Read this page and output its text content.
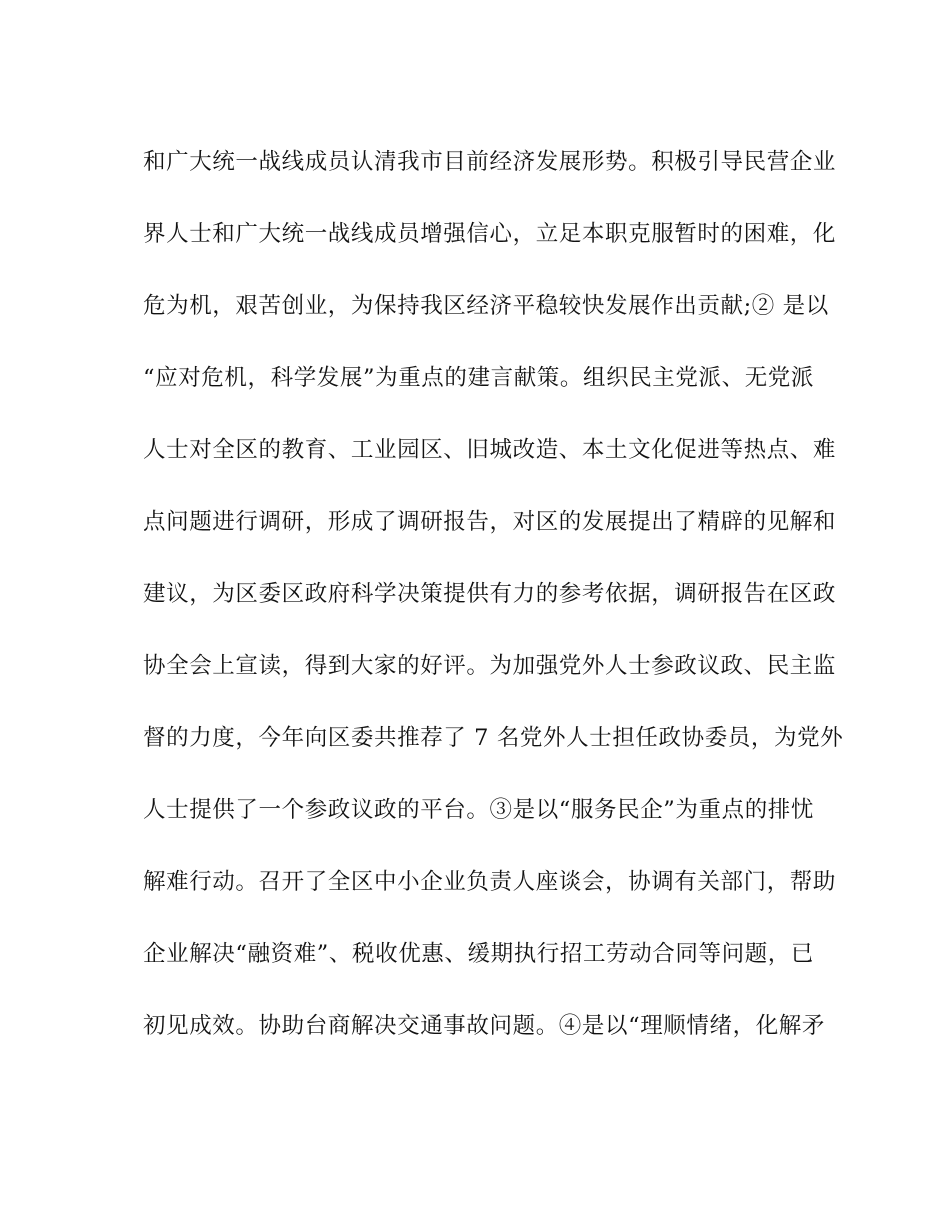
和广大统一战线成员认清我市目前经济发展形势。积极引导民营企业
界人士和广大统一战线成员增强信心，立足本职克服暂时的困难，化
危为机，艰苦创业，为保持我区经济平稳较快发展作出贡献;② 是以
“应对危机，科学发展”为重点的建言献策。组织民主党派、无党派
人士对全区的教育、工业园区、旧城改造、本土文化促进等热点、难
点问题进行调研，形成了调研报告，对区的发展提出了精辟的见解和
建议，为区委区政府科学决策提供有力的参考依据，调研报告在区政
协全会上宣读，得到大家的好评。为加强党外人士参政议政、民主监
督的力度，今年向区委共推荐了 7 名党外人士担任政协委员，为党外
人士提供了一个参政议政的平台。③是以“服务民企”为重点的排忧
解难行动。召开了全区中小企业负责人座谈会，协调有关部门，帮助
企业解决“融资难”、税收优惠、缓期执行招工劳动合同等问题，已
初见成效。协助台商解决交通事故问题。④是以“理顺情绪，化解矛
